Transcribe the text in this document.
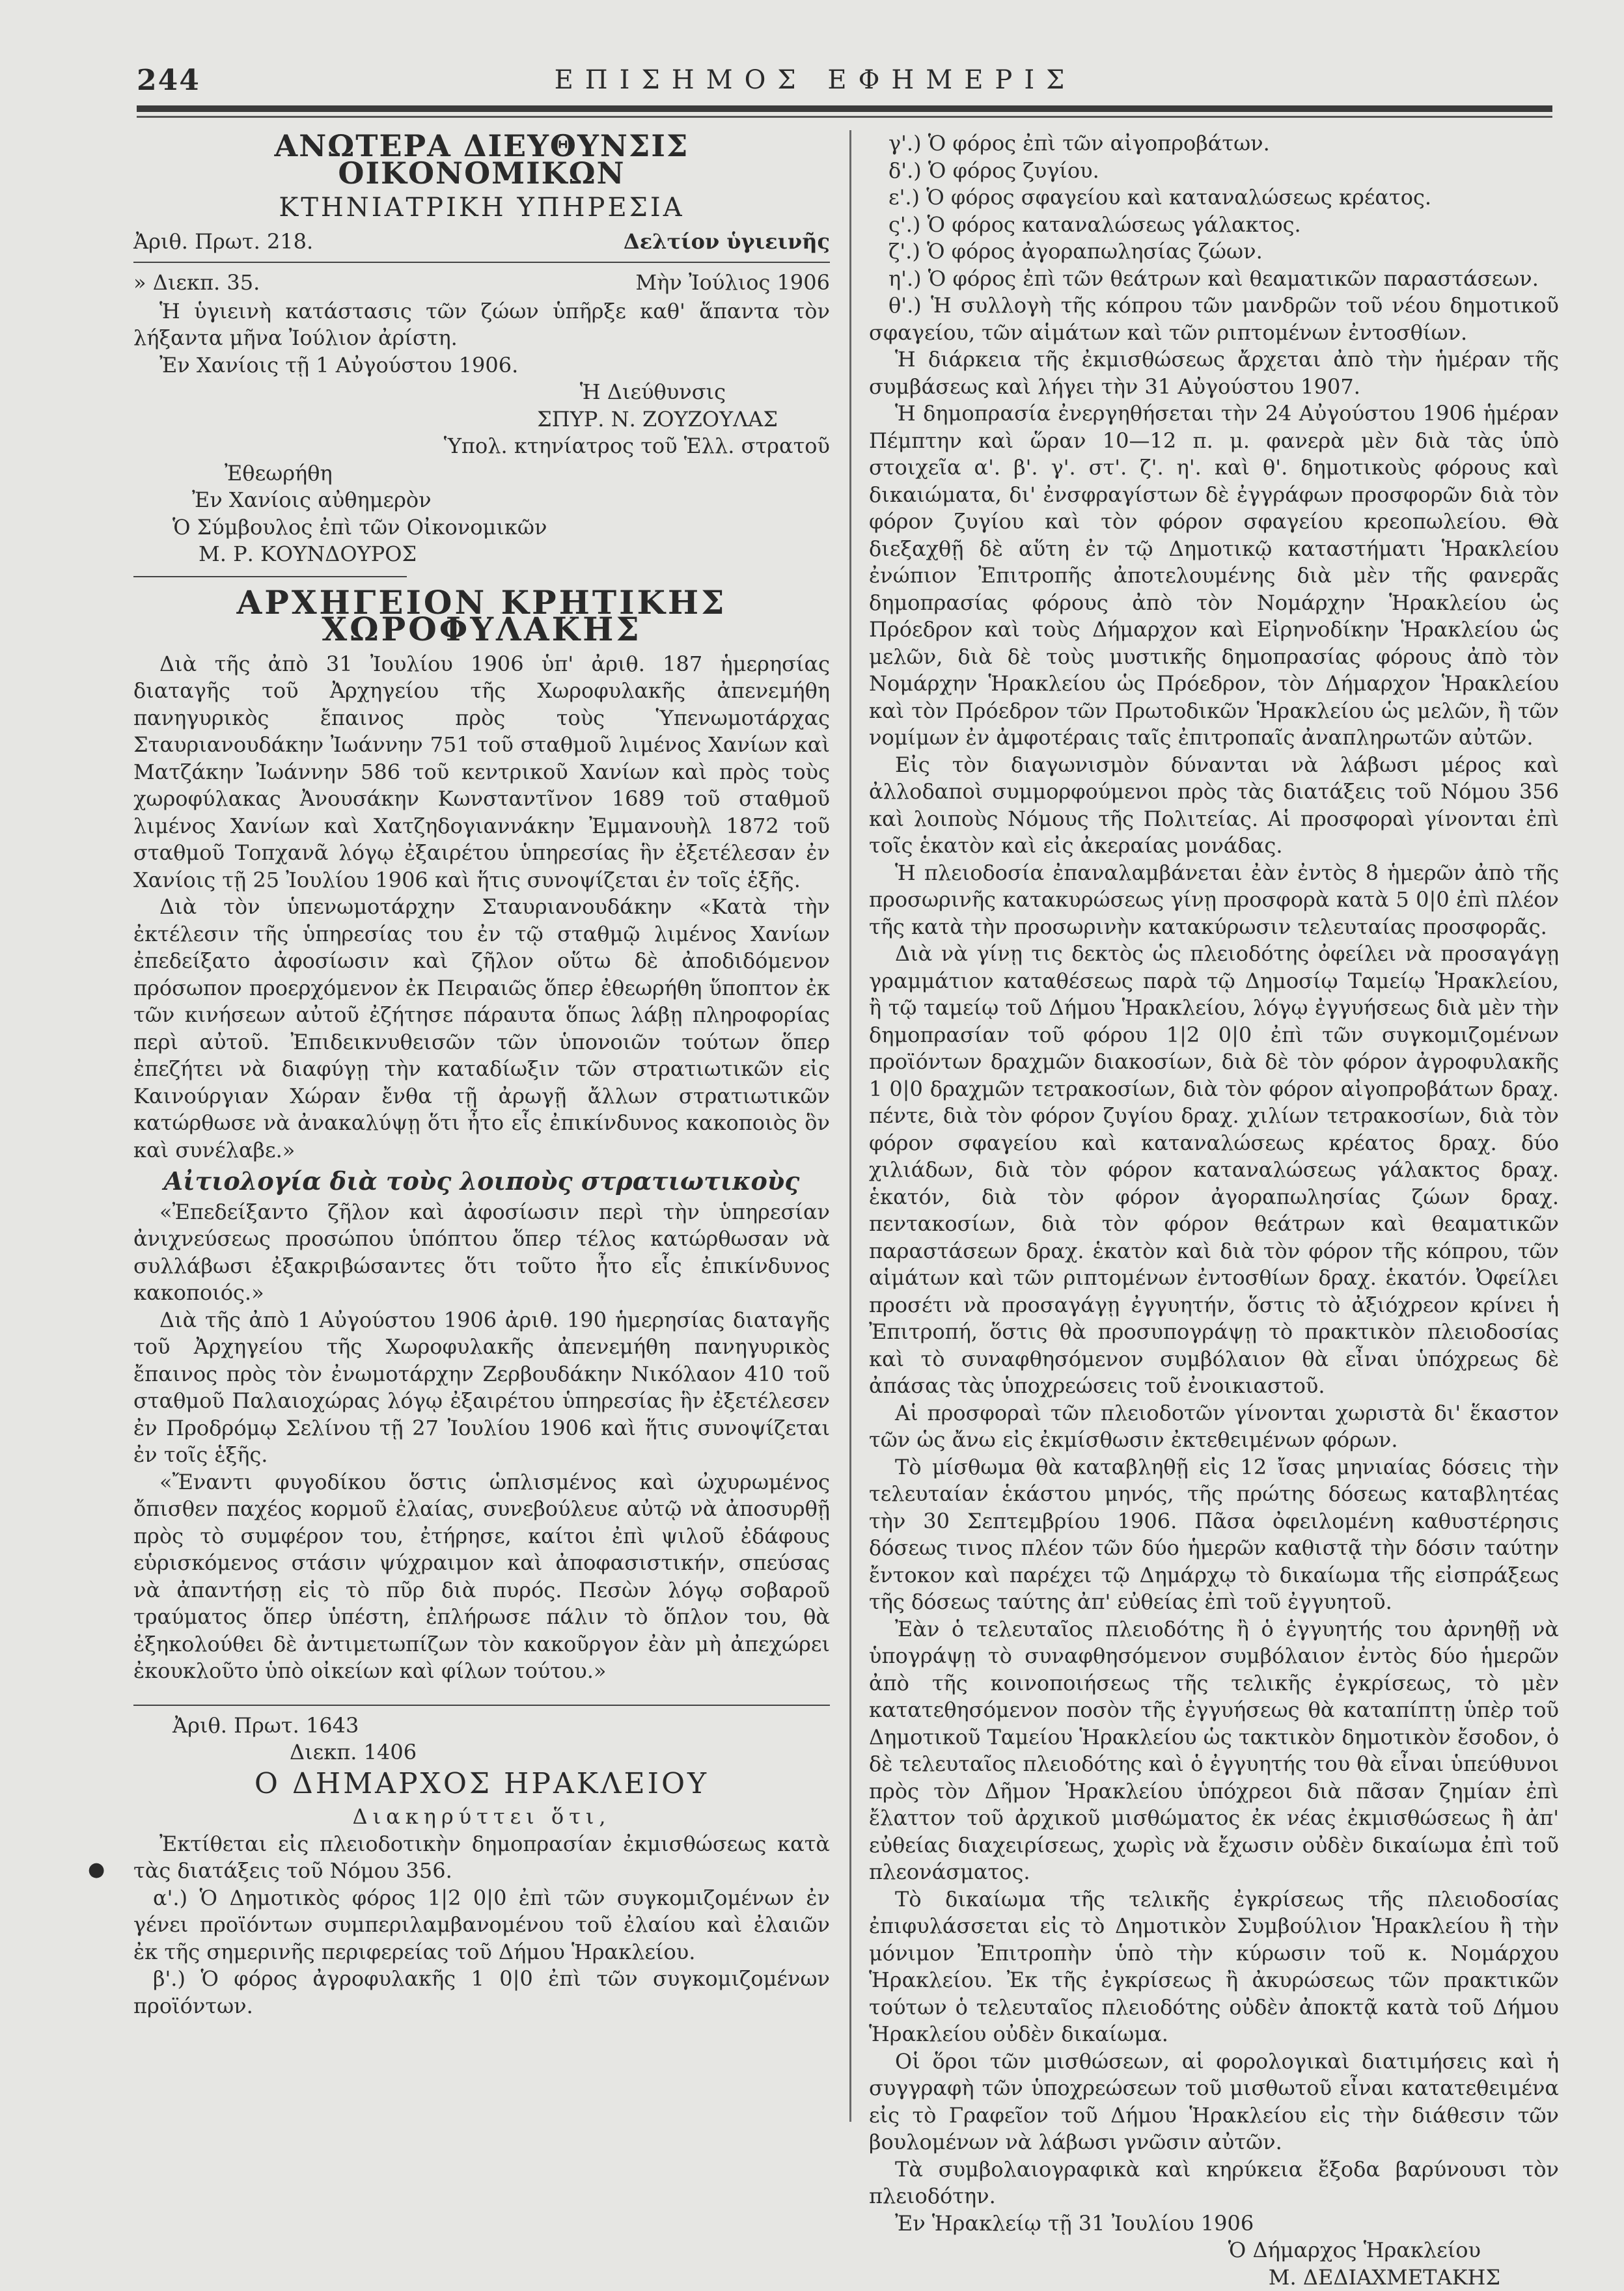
244	ΕΠΙΣΗΜΟΣ ΕΦΗΜΕΡΙΣ
ΑΝΩΤΕΡΑ ΔΙΕΥΘΥΝΣΙΣ ΟΙΚΟΝΟΜΙΚΩΝ
ΚΤΗΝΙΑΤΡΙΚΗ ΥΠΗΡΕΣΙΑ
Ἀριθ. Πρωτ. 218.	Δελτίον ὑγιεινῆς
» Διεκπ. 35.	Μὴν Ἰούλιος 1906

Ἡ ὑγιεινὴ κατάστασις τῶν ζώων ὑπῆρξε καθ' ἅπαντα τὸν λήξαντα μῆνα Ἰούλιον ἀρίστη.

Ἐν Χανίοις τῇ 1 Αὐγούστου 1906.

Ἡ Διεύθυνσις
ΣΠΥΡ. Ν. ΖΟΥΖΟΥΛΑΣ
Ὑπολ. κτηνίατρος τοῦ Ἑλλ. στρατοῦ
Ἐθεωρήθη
Ἐν Χανίοις αὐθημερὸν
Ὁ Σύμβουλος ἐπὶ τῶν Οἰκονομικῶν
Μ. Ρ. ΚΟΥΝΔΟΥΡΟΣ
ΑΡΧΗΓΕΙΟΝ ΚΡΗΤΙΚΗΣ ΧΩΡΟΦΥΛΑΚΗΣ

Διὰ τῆς ἀπὸ 31 Ἰουλίου 1906 ὑπ' ἀριθ. 187 ἡμερησίας διαταγῆς τοῦ Ἀρχηγείου τῆς Χωροφυλακῆς ἀπενεμήθη πανηγυρικὸς ἔπαινος πρὸς τοὺς Ὑπενωμοτάρχας Σταυριανουδάκην Ἰωάννην 751 τοῦ σταθμοῦ λιμένος Χανίων καὶ Ματζάκην Ἰωάννην 586 τοῦ κεντρικοῦ Χανίων καὶ πρὸς τοὺς χωροφύλακας Ἀνουσάκην Κωνσταντῖνον 1689 τοῦ σταθμοῦ λιμένος Χανίων καὶ Χατζηδογιαννάκην Ἐμμανουὴλ 1872 τοῦ σταθμοῦ Τοπχανᾶ λόγῳ ἐξαιρέτου ὑπηρεσίας ἣν ἐξετέλεσαν ἐν Χανίοις τῇ 25 Ἰουλίου 1906 καὶ ἥτις συνοψίζεται ἐν τοῖς ἑξῆς.

Διὰ τὸν ὑπενωμοτάρχην Σταυριανουδάκην «Κατὰ τὴν ἐκτέλεσιν τῆς ὑπηρεσίας του ἐν τῷ σταθμῷ λιμένος Χανίων ἐπεδείξατο ἀφοσίωσιν καὶ ζῆλον οὕτω δὲ ἀποδιδόμενον πρόσωπον προερχόμενον ἐκ Πειραιῶς ὅπερ ἐθεωρήθη ὕποπτον ἐκ τῶν κινήσεων αὐτοῦ ἐζήτησε πάραυτα ὅπως λάβῃ πληροφορίας περὶ αὐτοῦ. Ἐπιδεικνυθεισῶν τῶν ὑπονοιῶν τούτων ὅπερ ἐπεζήτει νὰ διαφύγῃ τὴν καταδίωξιν τῶν στρατιωτικῶν εἰς Καινούργιαν Χώραν ἔνθα τῇ ἀρωγῇ ἄλλων στρατιωτικῶν κατώρθωσε νὰ ἀνακαλύψῃ ὅτι ἦτο εἷς ἐπικίνδυνος κακοποιὸς ὃν καὶ συνέλαβε.»

Αἰτιολογία διὰ τοὺς λοιποὺς στρατιωτικοὺς

«Ἐπεδείξαντο ζῆλον καὶ ἀφοσίωσιν περὶ τὴν ὑπηρεσίαν ἀνιχνεύσεως προσώπου ὑπόπτου ὅπερ τέλος κατώρθωσαν νὰ συλλάβωσι ἐξακριβώσαντες ὅτι τοῦτο ἦτο εἷς ἐπικίνδυνος κακοποιός.»

Διὰ τῆς ἀπὸ 1 Αὐγούστου 1906 ἀριθ. 190 ἡμερησίας διαταγῆς τοῦ Ἀρχηγείου τῆς Χωροφυλακῆς ἀπενεμήθη πανηγυρικὸς ἔπαινος πρὸς τὸν ἐνωμοτάρχην Ζερβουδάκην Νικόλαον 410 τοῦ σταθμοῦ Παλαιοχώρας λόγῳ ἐξαιρέτου ὑπηρεσίας ἣν ἐξετέλεσεν ἐν Προδρόμῳ Σελίνου τῇ 27 Ἰουλίου 1906 καὶ ἥτις συνοψίζεται ἐν τοῖς ἑξῆς.

«Ἔναντι φυγοδίκου ὅστις ὡπλισμένος καὶ ὠχυρωμένος ὄπισθεν παχέος κορμοῦ ἐλαίας, συνεβούλευε αὐτῷ νὰ ἀποσυρθῇ πρὸς τὸ συμφέρον του, ἐτήρησε, καίτοι ἐπὶ ψιλοῦ ἐδάφους εὑρισκόμενος στάσιν ψύχραιμον καὶ ἀποφασιστικήν, σπεύσας νὰ ἀπαντήσῃ εἰς τὸ πῦρ διὰ πυρός. Πεσὼν λόγῳ σοβαροῦ τραύματος ὅπερ ὑπέστη, ἐπλήρωσε πάλιν τὸ ὅπλον του, θὰ ἐξηκολούθει δὲ ἀντιμετωπίζων τὸν κακοῦργον ἐὰν μὴ ἀπεχώρει ἐκουκλοῦτο ὑπὸ οἰκείων καὶ φίλων τούτου.»

Ἀριθ. Πρωτ. 1643
Διεκπ. 1406
Ο ΔΗΜΑΡΧΟΣ ΗΡΑΚΛΕΙΟΥ
Διακηρύττει ὅτι,

Ἐκτίθεται εἰς πλειοδοτικὴν δημοπρασίαν ἐκμισθώσεως κατὰ τὰς διατάξεις τοῦ Νόμου 356.

α'.) Ὁ Δημοτικὸς φόρος 1|2 0|0 ἐπὶ τῶν συγκομιζομένων ἐν γένει προϊόντων συμπεριλαμβανομένου τοῦ ἐλαίου καὶ ἐλαιῶν ἐκ τῆς σημερινῆς περιφερείας τοῦ Δήμου Ἡρακλείου.

β'.) Ὁ φόρος ἀγροφυλακῆς 1 0|0 ἐπὶ τῶν συγκομιζομένων προϊόντων.

●

γ'.) Ὁ φόρος ἐπὶ τῶν αἰγοπροβάτων.

δ'.) Ὁ φόρος ζυγίου.

ε'.) Ὁ φόρος σφαγείου καὶ καταναλώσεως κρέατος.

ς'.) Ὁ φόρος καταναλώσεως γάλακτος.

ζ'.) Ὁ φόρος ἀγοραπωλησίας ζώων.

η'.) Ὁ φόρος ἐπὶ τῶν θεάτρων καὶ θεαματικῶν παραστάσεων.

θ'.) Ἡ συλλογὴ τῆς κόπρου τῶν μανδρῶν τοῦ νέου δημοτικοῦ σφαγείου, τῶν αἱμάτων καὶ τῶν ριπτομένων ἐντοσθίων.

Ἡ διάρκεια τῆς ἐκμισθώσεως ἄρχεται ἀπὸ τὴν ἡμέραν τῆς συμβάσεως καὶ λήγει τὴν 31 Αὐγούστου 1907.

Ἡ δημοπρασία ἐνεργηθήσεται τὴν 24 Αὐγούστου 1906 ἡμέραν Πέμπτην καὶ ὥραν 10—12 π. μ. φανερὰ μὲν διὰ τὰς ὑπὸ στοιχεῖα α'. β'. γ'. στ'. ζ'. η'. καὶ θ'. δημοτικοὺς φόρους καὶ δικαιώματα, δι' ἐνσφραγίστων δὲ ἐγγράφων προσφορῶν διὰ τὸν φόρον ζυγίου καὶ τὸν φόρον σφαγείου κρεοπωλείου. Θὰ διεξαχθῇ δὲ αὕτη ἐν τῷ Δημοτικῷ καταστήματι Ἡρακλείου ἐνώπιον Ἐπιτροπῆς ἀποτελουμένης διὰ μὲν τῆς φανερᾶς δημοπρασίας φόρους ἀπὸ τὸν Νομάρχην Ἡρακλείου ὡς Πρόεδρον καὶ τοὺς Δήμαρχον καὶ Εἰρηνοδίκην Ἡρακλείου ὡς μελῶν, διὰ δὲ τοὺς μυστικῆς δημοπρασίας φόρους ἀπὸ τὸν Νομάρχην Ἡρακλείου ὡς Πρόεδρον, τὸν Δήμαρχον Ἡρακλείου καὶ τὸν Πρόεδρον τῶν Πρωτοδικῶν Ἡρακλείου ὡς μελῶν, ἢ τῶν νομίμων ἐν ἀμφοτέραις ταῖς ἐπιτροπαῖς ἀναπληρωτῶν αὐτῶν.

Εἰς τὸν διαγωνισμὸν δύνανται νὰ λάβωσι μέρος καὶ ἀλλοδαποὶ συμμορφούμενοι πρὸς τὰς διατάξεις τοῦ Νόμου 356 καὶ λοιποὺς Νόμους τῆς Πολιτείας. Αἱ προσφοραὶ γίνονται ἐπὶ τοῖς ἑκατὸν καὶ εἰς ἀκεραίας μονάδας.

Ἡ πλειοδοσία ἐπαναλαμβάνεται ἐὰν ἐντὸς 8 ἡμερῶν ἀπὸ τῆς προσωρινῆς κατακυρώσεως γίνῃ προσφορὰ κατὰ 5 0|0 ἐπὶ πλέον τῆς κατὰ τὴν προσωρινὴν κατακύρωσιν τελευταίας προσφορᾶς.

Διὰ νὰ γίνῃ τις δεκτὸς ὡς πλειοδότης ὀφείλει νὰ προσαγάγῃ γραμμάτιον καταθέσεως παρὰ τῷ Δημοσίῳ Ταμείῳ Ἡρακλείου, ἢ τῷ ταμείῳ τοῦ Δήμου Ἡρακλείου, λόγῳ ἐγγυήσεως διὰ μὲν τὴν δημοπρασίαν τοῦ φόρου 1|2 0|0 ἐπὶ τῶν συγκομιζομένων προϊόντων δραχμῶν διακοσίων, διὰ δὲ τὸν φόρον ἀγροφυλακῆς 1 0|0 δραχμῶν τετρακοσίων, διὰ τὸν φόρον αἰγοπροβάτων δραχ. πέντε, διὰ τὸν φόρον ζυγίου δραχ. χιλίων τετρακοσίων, διὰ τὸν φόρον σφαγείου καὶ καταναλώσεως κρέατος δραχ. δύο χιλιάδων, διὰ τὸν φόρον καταναλώσεως γάλακτος δραχ. ἑκατόν, διὰ τὸν φόρον ἀγοραπωλησίας ζώων δραχ. πεντακοσίων, διὰ τὸν φόρον θεάτρων καὶ θεαματικῶν παραστάσεων δραχ. ἑκατὸν καὶ διὰ τὸν φόρον τῆς κόπρου, τῶν αἱμάτων καὶ τῶν ριπτομένων ἐντοσθίων δραχ. ἑκατόν. Ὀφείλει προσέτι νὰ προσαγάγῃ ἐγγυητήν, ὅστις τὸ ἀξιόχρεον κρίνει ἡ Ἐπιτροπή, ὅστις θὰ προσυπογράψῃ τὸ πρακτικὸν πλειοδοσίας καὶ τὸ συναφθησόμενον συμβόλαιον θὰ εἶναι ὑπόχρεως δὲ ἀπάσας τὰς ὑποχρεώσεις τοῦ ἐνοικιαστοῦ.

Αἱ προσφοραὶ τῶν πλειοδοτῶν γίνονται χωριστὰ δι' ἕκαστον τῶν ὡς ἄνω εἰς ἐκμίσθωσιν ἐκτεθειμένων φόρων.

Τὸ μίσθωμα θὰ καταβληθῇ εἰς 12 ἴσας μηνιαίας δόσεις τὴν τελευταίαν ἑκάστου μηνός, τῆς πρώτης δόσεως καταβλητέας τὴν 30 Σεπτεμβρίου 1906. Πᾶσα ὀφειλομένη καθυστέρησις δόσεως τινος πλέον τῶν δύο ἡμερῶν καθιστᾷ τὴν δόσιν ταύτην ἔντοκον καὶ παρέχει τῷ Δημάρχῳ τὸ δικαίωμα τῆς εἰσπράξεως τῆς δόσεως ταύτης ἀπ' εὐθείας ἐπὶ τοῦ ἐγγυητοῦ.

Ἐὰν ὁ τελευταῖος πλειοδότης ἢ ὁ ἐγγυητής του ἀρνηθῇ νὰ ὑπογράψῃ τὸ συναφθησόμενον συμβόλαιον ἐντὸς δύο ἡμερῶν ἀπὸ τῆς κοινοποιήσεως τῆς τελικῆς ἐγκρίσεως, τὸ μὲν κατατεθησόμενον ποσὸν τῆς ἐγγυήσεως θὰ καταπίπτῃ ὑπὲρ τοῦ Δημοτικοῦ Ταμείου Ἡρακλείου ὡς τακτικὸν δημοτικὸν ἔσοδον, ὁ δὲ τελευταῖος πλειοδότης καὶ ὁ ἐγγυητής του θὰ εἶναι ὑπεύθυνοι πρὸς τὸν Δῆμον Ἡρακλείου ὑπόχρεοι διὰ πᾶσαν ζημίαν ἐπὶ ἔλαττον τοῦ ἀρχικοῦ μισθώματος ἐκ νέας ἐκμισθώσεως ἢ ἀπ' εὐθείας διαχειρίσεως, χωρὶς νὰ ἔχωσιν οὐδὲν δικαίωμα ἐπὶ τοῦ πλεονάσματος.

Τὸ δικαίωμα τῆς τελικῆς ἐγκρίσεως τῆς πλειοδοσίας ἐπιφυλάσσεται εἰς τὸ Δημοτικὸν Συμβούλιον Ἡρακλείου ἢ τὴν μόνιμον Ἐπιτροπὴν ὑπὸ τὴν κύρωσιν τοῦ κ. Νομάρχου Ἡρακλείου. Ἐκ τῆς ἐγκρίσεως ἢ ἀκυρώσεως τῶν πρακτικῶν τούτων ὁ τελευταῖος πλειοδότης οὐδὲν ἀποκτᾷ κατὰ τοῦ Δήμου Ἡρακλείου οὐδὲν δικαίωμα.

Οἱ ὅροι τῶν μισθώσεων, αἱ φορολογικαὶ διατιμήσεις καὶ ἡ συγγραφὴ τῶν ὑποχρεώσεων τοῦ μισθωτοῦ εἶναι κατατεθειμένα εἰς τὸ Γραφεῖον τοῦ Δήμου Ἡρακλείου εἰς τὴν διάθεσιν τῶν βουλομένων νὰ λάβωσι γνῶσιν αὐτῶν.

Τὰ συμβολαιογραφικὰ καὶ κηρύκεια ἔξοδα βαρύνουσι τὸν πλειοδότην.

Ἐν Ἡρακλείῳ τῇ 31 Ἰουλίου 1906

Ὁ Δήμαρχος Ἡρακλείου
Μ. ΔΕΔΙΑΧΜΕΤΑΚΗΣ
